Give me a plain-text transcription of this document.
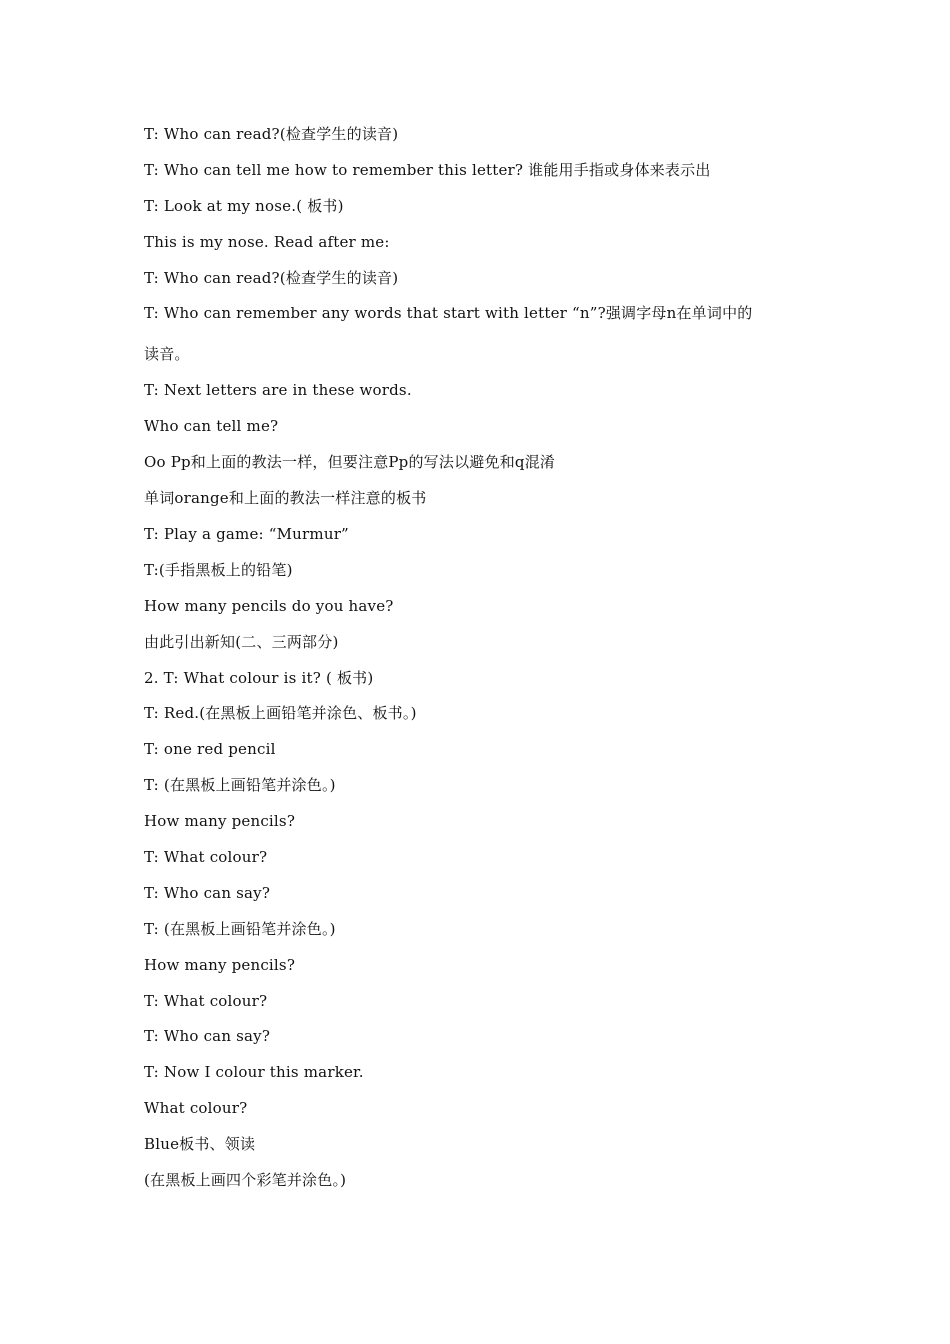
T: Who can read?(检查学生的读音)
T: Who can tell me how to remember this letter? 谁能用手指或身体来表示出
T: Look at my nose.( 板书)
This is my nose. Read after me:
T: Who can read?(检查学生的读音)
T: Who can remember any words that start with letter “n”?强调字母n在单词中的
读音。
T: Next letters are in these words.
Who can tell me?
Oo Pp和上面的教法一样，但要注意Pp的写法以避免和q混淆
单词orange和上面的教法一样注意的板书
T: Play a game: “Murmur”
T:(手指黑板上的铅笔)
How many pencils do you have?
由此引出新知(二、三两部分)
2. T: What colour is it? ( 板书)
T: Red.(在黑板上画铅笔并涂色、板书。)
T: one red pencil
T: (在黑板上画铅笔并涂色。)
How many pencils?
T: What colour?
T: Who can say?
T: (在黑板上画铅笔并涂色。)
How many pencils?
T: What colour?
T: Who can say?
T: Now I colour this marker.
What colour?
Blue板书、领读
(在黑板上画四个彩笔并涂色。)
